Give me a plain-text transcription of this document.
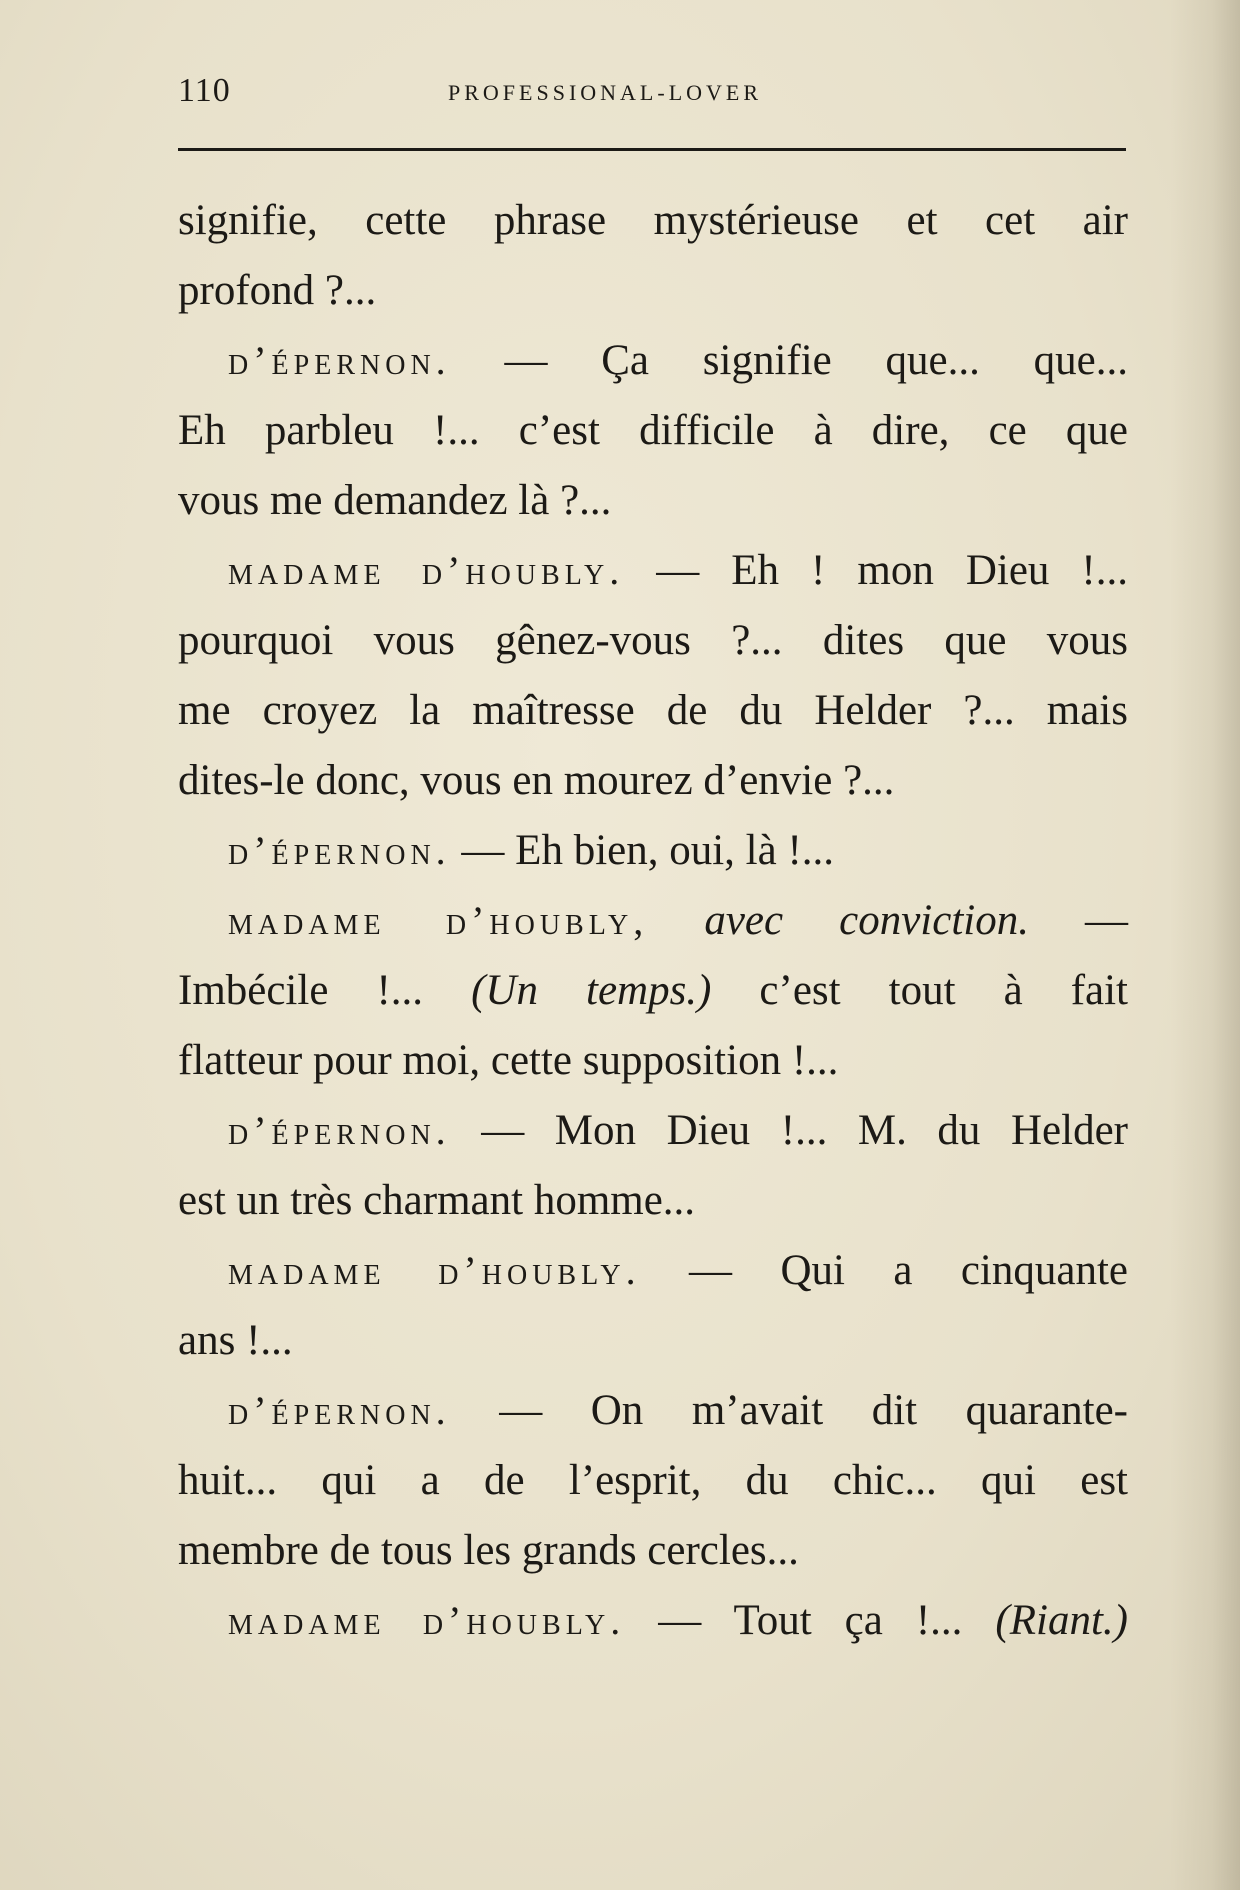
110	PROFESSIONAL-LOVER
signifie, cette phrase mystérieuse et cet air
profond ?...
d’épernon. — Ça signifie que... que...
Eh parbleu !... c’est difficile à dire, ce que
vous me demandez là ?...
madame d’houbly. — Eh ! mon Dieu !...
pourquoi vous gênez-vous ?... dites que vous
me croyez la maîtresse de du Helder ?... mais
dites-le donc, vous en mourez d’envie ?...
d’épernon. — Eh bien, oui, là !...
madame d’houbly, avec conviction. —
Imbécile !... (Un temps.) c’est tout à fait
flatteur pour moi, cette supposition !...
d’épernon. — Mon Dieu !... M. du Helder
est un très charmant homme...
madame d’houbly. — Qui a cinquante
ans !...
d’épernon. — On m’avait dit quarante-
huit... qui a de l’esprit, du chic... qui est
membre de tous les grands cercles...
madame d’houbly. — Tout ça !... (Riant.)
